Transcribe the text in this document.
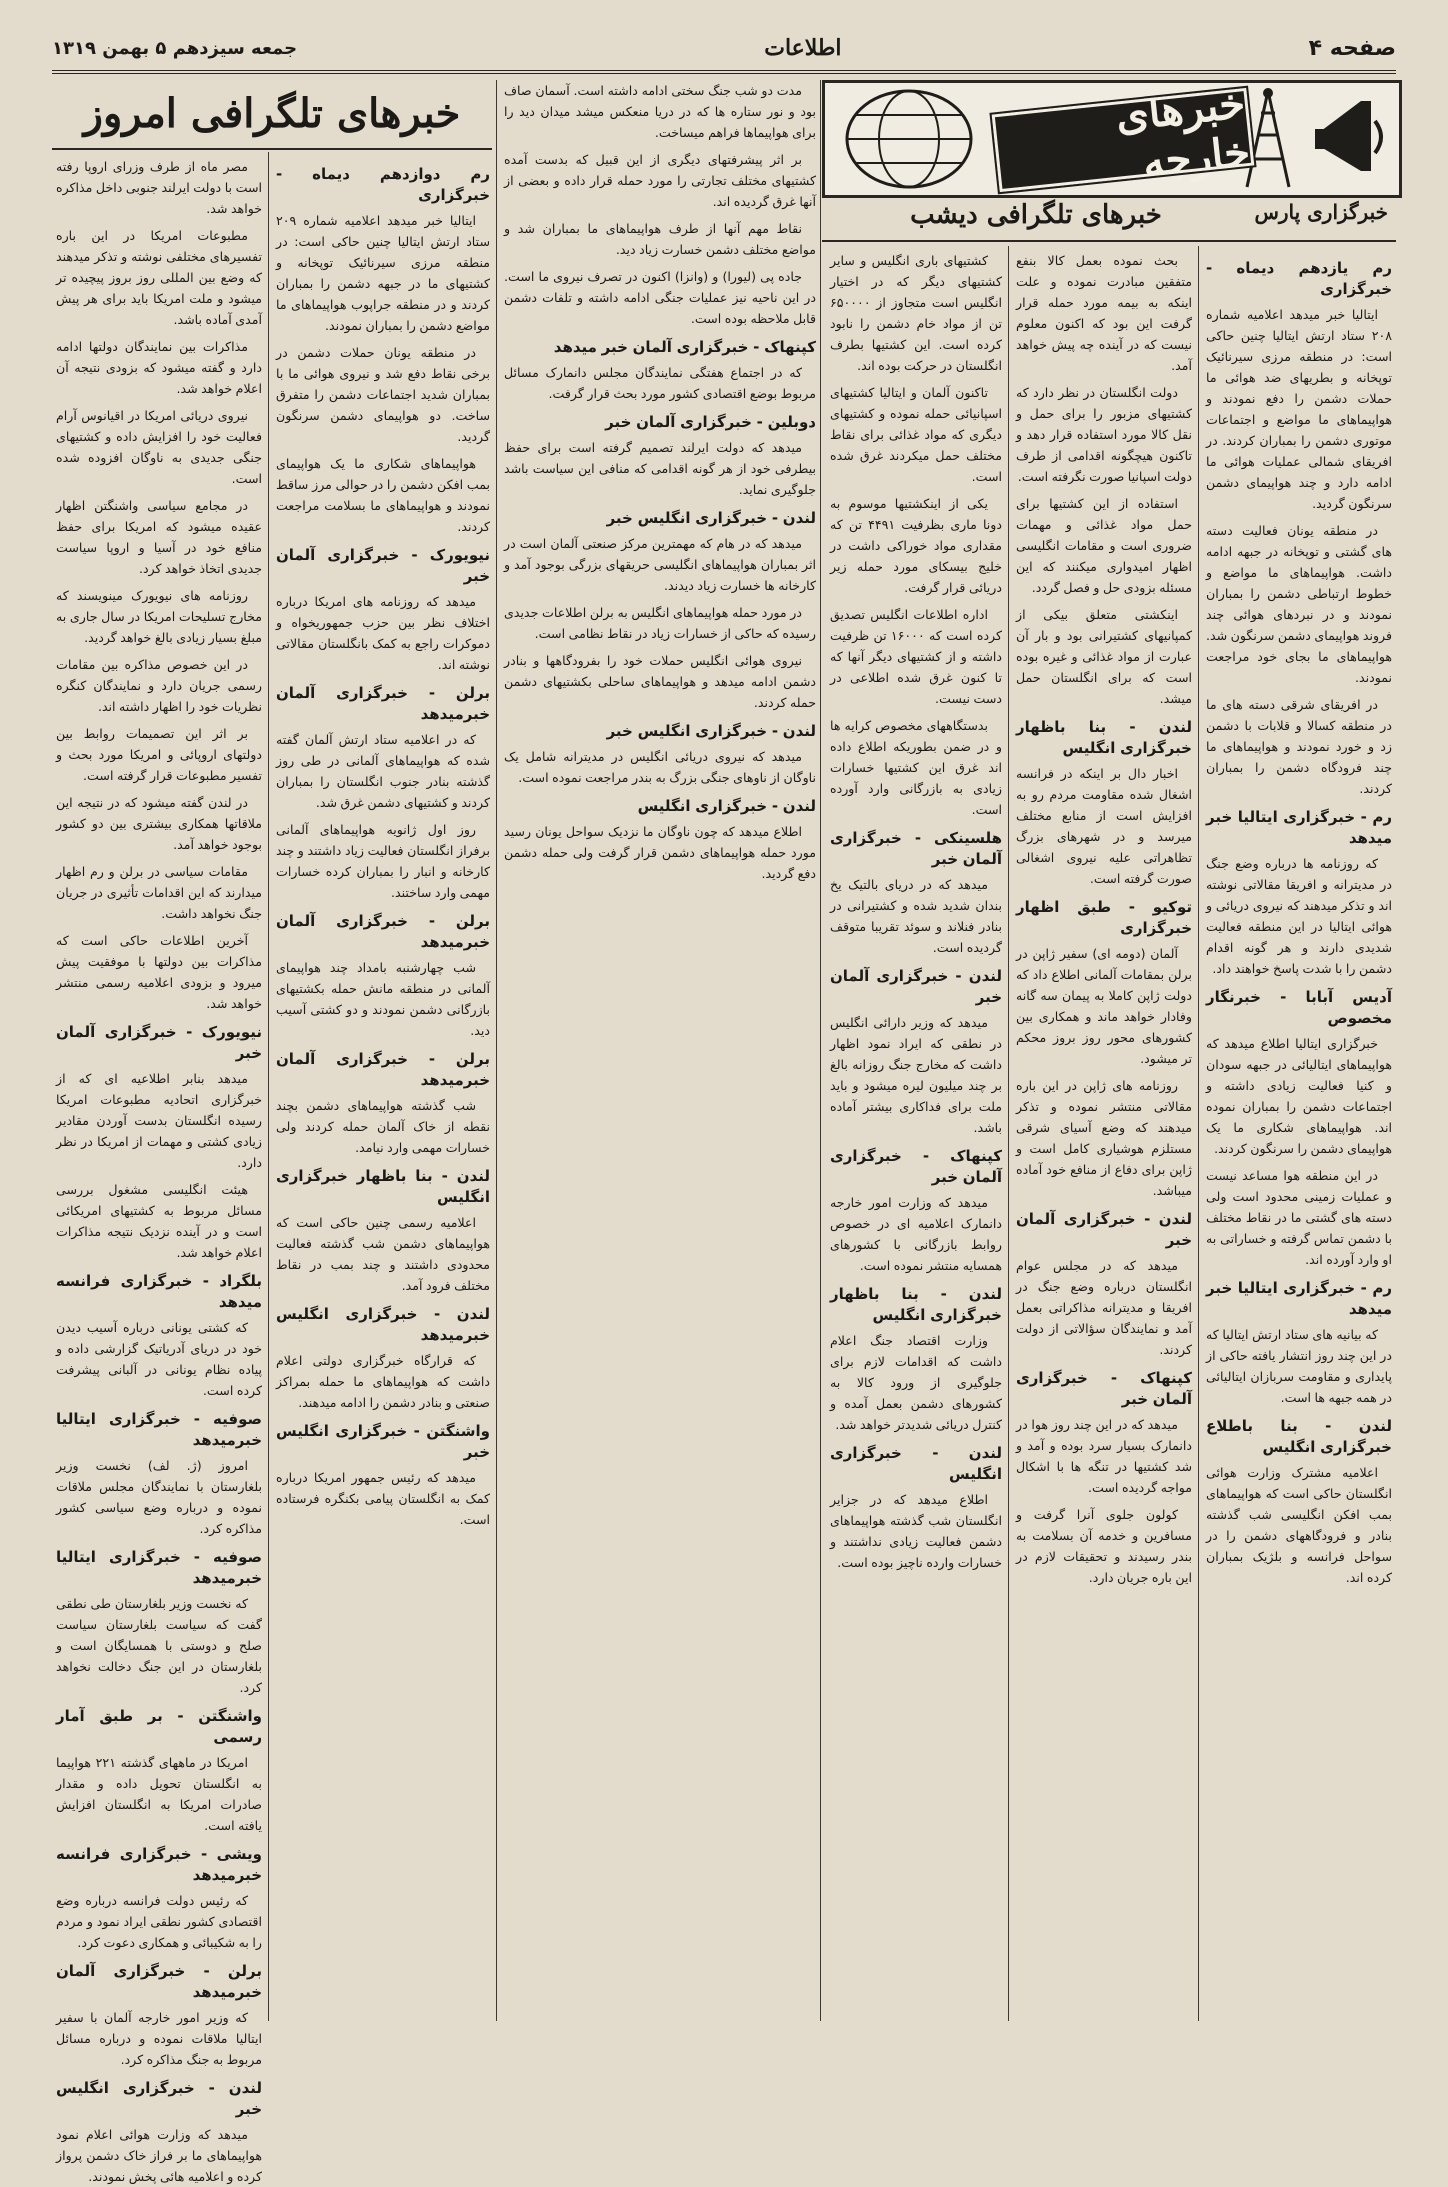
صفحه ۴
اطلاعات
جمعه سیزدهم ۵ بهمن ۱۳۱۹
خبرهای خارجه
خبرگزاری پارس
خبرهای تلگرافی دیشب
خبرهای تلگرافی امروز

رم یازدهم دیماه - خبرگزاری

ایتالیا خبر میدهد اعلامیه شماره ۲۰۸ ستاد ارتش ایتالیا چنین حاکی است: در منطقه مرزی سیرنائیک توپخانه و بطریهای ضد هوائی ما حملات دشمن را دفع نمودند و هواپیماهای ما مواضع و اجتماعات موتوری دشمن را بمباران کردند. در افریقای شمالی عملیات هوائی ما ادامه دارد و چند هواپیمای دشمن سرنگون گردید.

در منطقه یونان فعالیت دسته های گشتی و توپخانه در جبهه ادامه داشت. هواپیماهای ما مواضع و خطوط ارتباطی دشمن را بمباران نمودند و در نبردهای هوائی چند فروند هواپیمای دشمن سرنگون شد. هواپیماهای ما بجای خود مراجعت نمودند.

در افریقای شرقی دسته های ما در منطقه کسالا و قلابات با دشمن زد و خورد نمودند و هواپیماهای ما چند فرودگاه دشمن را بمباران کردند.

رم - خبرگزاری ایتالیا خبر میدهد

که روزنامه ها درباره وضع جنگ در مدیترانه و افریقا مقالاتی نوشته اند و تذکر میدهند که نیروی دریائی و هوائی ایتالیا در این منطقه فعالیت شدیدی دارند و هر گونه اقدام دشمن را با شدت پاسخ خواهند داد.

آدیس آبابا - خبرنگار مخصوص

خبرگزاری ایتالیا اطلاع میدهد که هواپیماهای ایتالیائی در جبهه سودان و کنیا فعالیت زیادی داشته و اجتماعات دشمن را بمباران نموده اند. هواپیماهای شکاری ما یک هواپیمای دشمن را سرنگون کردند.

در این منطقه هوا مساعد نیست و عملیات زمینی محدود است ولی دسته های گشتی ما در نقاط مختلف با دشمن تماس گرفته و خساراتی به او وارد آورده اند.

رم - خبرگزاری ایتالیا خبر میدهد

که بیانیه های ستاد ارتش ایتالیا که در این چند روز انتشار یافته حاکی از پایداری و مقاومت سربازان ایتالیائی در همه جبهه ها است.

لندن - بنا باطلاع خبرگزاری انگلیس

اعلامیه مشترک وزارت هوائی انگلستان حاکی است که هواپیماهای بمب افکن انگلیسی شب گذشته بنادر و فرودگاههای دشمن را در سواحل فرانسه و بلژیک بمباران کرده اند.

بحث نموده بعمل کالا بنفع متفقین مبادرت نموده و علت اینکه به بیمه مورد حمله قرار گرفت این بود که اکنون معلوم نیست که در آینده چه پیش خواهد آمد.

دولت انگلستان در نظر دارد که کشتیهای مزبور را برای حمل و نقل کالا مورد استفاده قرار دهد و تاکنون هیچگونه اقدامی از طرف دولت اسپانیا صورت نگرفته است.

استفاده از این کشتیها برای حمل مواد غذائی و مهمات ضروری است و مقامات انگلیسی اظهار امیدواری میکنند که این مسئله بزودی حل و فصل گردد.

اینکشتی متعلق بیکی از کمپانیهای کشتیرانی بود و بار آن عبارت از مواد غذائی و غیره بوده است که برای انگلستان حمل میشد.

لندن - بنا باظهار خبرگزاری انگلیس

اخبار دال بر اینکه در فرانسه اشغال شده مقاومت مردم رو به افزایش است از منابع مختلف میرسد و در شهرهای بزرگ تظاهراتی علیه نیروی اشغالی صورت گرفته است.

توکیو - طبق اظهار خبرگزاری

آلمان (دومه ای) سفیر ژاپن در برلن بمقامات آلمانی اطلاع داد که دولت ژاپن کاملا به پیمان سه گانه وفادار خواهد ماند و همکاری بین کشورهای محور روز بروز محکم تر میشود.

روزنامه های ژاپن در این باره مقالاتی منتشر نموده و تذکر میدهند که وضع آسیای شرقی مستلزم هوشیاری کامل است و ژاپن برای دفاع از منافع خود آماده میباشد.

لندن - خبرگزاری آلمان خبر

میدهد که در مجلس عوام انگلستان درباره وضع جنگ در افریقا و مدیترانه مذاکراتی بعمل آمد و نمایندگان سؤالاتی از دولت کردند.

کپنهاک - خبرگزاری آلمان خبر

میدهد که در این چند روز هوا در دانمارک بسیار سرد بوده و آمد و شد کشتیها در تنگه ها با اشکال مواجه گردیده است.

کولون جلوی آنرا گرفت و مسافرین و خدمه آن بسلامت به بندر رسیدند و تحقیقات لازم در این باره جریان دارد.

کشتیهای باری انگلیس و سایر کشتیهای دیگر که در اختیار انگلیس است متجاوز از ۶۵۰۰۰۰ تن از مواد خام دشمن را نابود کرده است. این کشتیها بطرف انگلستان در حرکت بوده اند.

تاکنون آلمان و ایتالیا کشتیهای اسپانیائی حمله نموده و کشتیهای دیگری که مواد غذائی برای نقاط مختلف حمل میکردند غرق شده است.

یکی از اینکشتیها موسوم به دونا ماری بظرفیت ۴۴۹۱ تن که مقداری مواد خوراکی داشت در خلیج بیسکای مورد حمله زیر دریائی قرار گرفت.

اداره اطلاعات انگلیس تصدیق کرده است که ۱۶۰۰۰ تن ظرفیت داشته و از کشتیهای دیگر آنها که تا کنون غرق شده اطلاعی در دست نیست.

بدستگاههای مخصوص کرایه ها و در ضمن بطوریکه اطلاع داده اند غرق این کشتیها خسارات زیادی به بازرگانی وارد آورده است.

هلسینکی - خبرگزاری آلمان خبر

میدهد که در دریای بالتیک یخ بندان شدید شده و کشتیرانی در بنادر فنلاند و سوئد تقریبا متوقف گردیده است.

لندن - خبرگزاری آلمان خبر

میدهد که وزیر دارائی انگلیس در نطقی که ایراد نمود اظهار داشت که مخارج جنگ روزانه بالغ بر چند میلیون لیره میشود و باید ملت برای فداکاری بیشتر آماده باشد.

کپنهاک - خبرگزاری آلمان خبر

میدهد که وزارت امور خارجه دانمارک اعلامیه ای در خصوص روابط بازرگانی با کشورهای همسایه منتشر نموده است.

لندن - بنا باظهار خبرگزاری انگلیس

وزارت اقتصاد جنگ اعلام داشت که اقدامات لازم برای جلوگیری از ورود کالا به کشورهای دشمن بعمل آمده و کنترل دریائی شدیدتر خواهد شد.

لندن - خبرگزاری انگلیس

اطلاع میدهد که در جزایر انگلستان شب گذشته هواپیماهای دشمن فعالیت زیادی نداشتند و خسارات وارده ناچیز بوده است.

مدت دو شب جنگ سختی ادامه داشته است. آسمان صاف بود و نور ستاره ها که در دریا منعکس میشد میدان دید را برای هواپیماها فراهم میساخت.

بر اثر پیشرفتهای دیگری از این قبیل که بدست آمده کشتیهای مختلف تجارتی را مورد حمله قرار داده و بعضی از آنها غرق گردیده اند.

نقاط مهم آنها از طرف هواپیماهای ما بمباران شد و مواضع مختلف دشمن خسارت زیاد دید.

جاده پی (لیورا) و (وانزا) اکنون در تصرف نیروی ما است. در این ناحیه نیز عملیات جنگی ادامه داشته و تلفات دشمن قابل ملاحظه بوده است.

کپنهاک - خبرگزاری آلمان خبر میدهد

که در اجتماع هفتگی نمایندگان مجلس دانمارک مسائل مربوط بوضع اقتصادی کشور مورد بحث قرار گرفت.

دوبلین - خبرگزاری آلمان خبر

میدهد که دولت ایرلند تصمیم گرفته است برای حفظ بیطرفی خود از هر گونه اقدامی که منافی این سیاست باشد جلوگیری نماید.

لندن - خبرگزاری انگلیس خبر

میدهد که در هام که مهمترین مرکز صنعتی آلمان است در اثر بمباران هواپیماهای انگلیسی حریقهای بزرگی بوجود آمد و کارخانه ها خسارت زیاد دیدند.

در مورد حمله هواپیماهای انگلیس به برلن اطلاعات جدیدی رسیده که حاکی از خسارات زیاد در نقاط نظامی است.

نیروی هوائی انگلیس حملات خود را بفرودگاهها و بنادر دشمن ادامه میدهد و هواپیماهای ساحلی بکشتیهای دشمن حمله کردند.

لندن - خبرگزاری انگلیس خبر

میدهد که نیروی دریائی انگلیس در مدیترانه شامل یک ناوگان از ناوهای جنگی بزرگ به بندر مراجعت نموده است.

لندن - خبرگزاری انگلیس

اطلاع میدهد که چون ناوگان ما نزدیک سواحل یونان رسید مورد حمله هواپیماهای دشمن قرار گرفت ولی حمله دشمن دفع گردید.

رم دوازدهم دیماه - خبرگزاری

ایتالیا خبر میدهد اعلامیه شماره ۲۰۹ ستاد ارتش ایتالیا چنین حاکی است: در منطقه مرزی سیرنائیک توپخانه و کشتیهای ما در جبهه دشمن را بمباران کردند و در منطقه جراپوب هواپیماهای ما مواضع دشمن را بمباران نمودند.

در منطقه یونان حملات دشمن در برخی نقاط دفع شد و نیروی هوائی ما با بمباران شدید اجتماعات دشمن را متفرق ساخت. دو هواپیمای دشمن سرنگون گردید.

هواپیماهای شکاری ما یک هواپیمای بمب افکن دشمن را در حوالی مرز ساقط نمودند و هواپیماهای ما بسلامت مراجعت کردند.

نیویورک - خبرگزاری آلمان خبر

میدهد که روزنامه های امریکا درباره اختلاف نظر بین حزب جمهوریخواه و دموکرات راجع به کمک بانگلستان مقالاتی نوشته اند.

برلن - خبرگزاری آلمان خبرمیدهد

که در اعلامیه ستاد ارتش آلمان گفته شده که هواپیماهای آلمانی در طی روز گذشته بنادر جنوب انگلستان را بمباران کردند و کشتیهای دشمن غرق شد.

روز اول ژانویه هواپیماهای آلمانی برفراز انگلستان فعالیت زیاد داشتند و چند کارخانه و انبار را بمباران کرده خسارات مهمی وارد ساختند.

برلن - خبرگزاری آلمان خبرمیدهد

شب چهارشنبه بامداد چند هواپیمای آلمانی در منطقه مانش حمله بکشتیهای بازرگانی دشمن نمودند و دو کشتی آسیب دید.

برلن - خبرگزاری آلمان خبرمیدهد

شب گذشته هواپیماهای دشمن بچند نقطه از خاک آلمان حمله کردند ولی خسارات مهمی وارد نیامد.

لندن - بنا باظهار خبرگزاری انگلیس

اعلامیه رسمی چنین حاکی است که هواپیماهای دشمن شب گذشته فعالیت محدودی داشتند و چند بمب در نقاط مختلف فرود آمد.

لندن - خبرگزاری انگلیس خبرمیدهد

که قرارگاه خبرگزاری دولتی اعلام داشت که هواپیماهای ما حمله بمراکز صنعتی و بنادر دشمن را ادامه میدهند.

واشنگتن - خبرگزاری انگلیس خبر

میدهد که رئیس جمهور امریکا درباره کمک به انگلستان پیامی بکنگره فرستاده است.

مصر ماه از طرف وزرای اروپا رفته است با دولت ایرلند جنوبی داخل مذاکره خواهد شد.

مطبوعات امریکا در این باره تفسیرهای مختلفی نوشته و تذکر میدهند که وضع بین المللی روز بروز پیچیده تر میشود و ملت امریکا باید برای هر پیش آمدی آماده باشد.

مذاکرات بین نمایندگان دولتها ادامه دارد و گفته میشود که بزودی نتیجه آن اعلام خواهد شد.

نیروی دریائی امریکا در اقیانوس آرام فعالیت خود را افزایش داده و کشتیهای جنگی جدیدی به ناوگان افزوده شده است.

در مجامع سیاسی واشنگتن اظهار عقیده میشود که امریکا برای حفظ منافع خود در آسیا و اروپا سیاست جدیدی اتخاذ خواهد کرد.

روزنامه های نیویورک مینویسند که مخارج تسلیحات امریکا در سال جاری به مبلغ بسیار زیادی بالغ خواهد گردید.

در این خصوص مذاکره بین مقامات رسمی جریان دارد و نمایندگان کنگره نظریات خود را اظهار داشته اند.

بر اثر این تصمیمات روابط بین دولتهای اروپائی و امریکا مورد بحث و تفسیر مطبوعات قرار گرفته است.

در لندن گفته میشود که در نتیجه این ملاقاتها همکاری بیشتری بین دو کشور بوجود خواهد آمد.

مقامات سیاسی در برلن و رم اظهار میدارند که این اقدامات تأثیری در جریان جنگ نخواهد داشت.

آخرین اطلاعات حاکی است که مذاکرات بین دولتها با موفقیت پیش میرود و بزودی اعلامیه رسمی منتشر خواهد شد.

نیویورک - خبرگزاری آلمان خبر

میدهد بنابر اطلاعیه ای که از خبرگزاری اتحادیه مطبوعات امریکا رسیده انگلستان بدست آوردن مقادیر زیادی کشتی و مهمات از امریکا در نظر دارد.

هیئت انگلیسی مشغول بررسی مسائل مربوط به کشتیهای امریکائی است و در آینده نزدیک نتیجه مذاکرات اعلام خواهد شد.

بلگراد - خبرگزاری فرانسه میدهد

که کشتی یونانی درباره آسیب دیدن خود در دریای آدریاتیک گزارشی داده و پیاده نظام یونانی در آلبانی پیشرفت کرده است.

صوفیه - خبرگزاری ایتالیا خبرمیدهد

امروز (ژ. لف) نخست وزیر بلغارستان با نمایندگان مجلس ملاقات نموده و درباره وضع سیاسی کشور مذاکره کرد.

صوفیه - خبرگزاری ایتالیا خبرمیدهد

که نخست وزیر بلغارستان طی نطقی گفت که سیاست بلغارستان سیاست صلح و دوستی با همسایگان است و بلغارستان در این جنگ دخالت نخواهد کرد.

واشنگتن - بر طبق آمار رسمی

امریکا در ماههای گذشته ۲۲۱ هواپیما به انگلستان تحویل داده و مقدار صادرات امریکا به انگلستان افزایش یافته است.

ویشی - خبرگزاری فرانسه خبرمیدهد

که رئیس دولت فرانسه درباره وضع اقتصادی کشور نطقی ایراد نمود و مردم را به شکیبائی و همکاری دعوت کرد.

برلن - خبرگزاری آلمان خبرمیدهد

که وزیر امور خارجه آلمان با سفیر ایتالیا ملاقات نموده و درباره مسائل مربوط به جنگ مذاکره کرد.

لندن - خبرگزاری انگلیس خبر

میدهد که وزارت هوائی اعلام نمود هواپیماهای ما بر فراز خاک دشمن پرواز کرده و اعلامیه هائی پخش نمودند.
